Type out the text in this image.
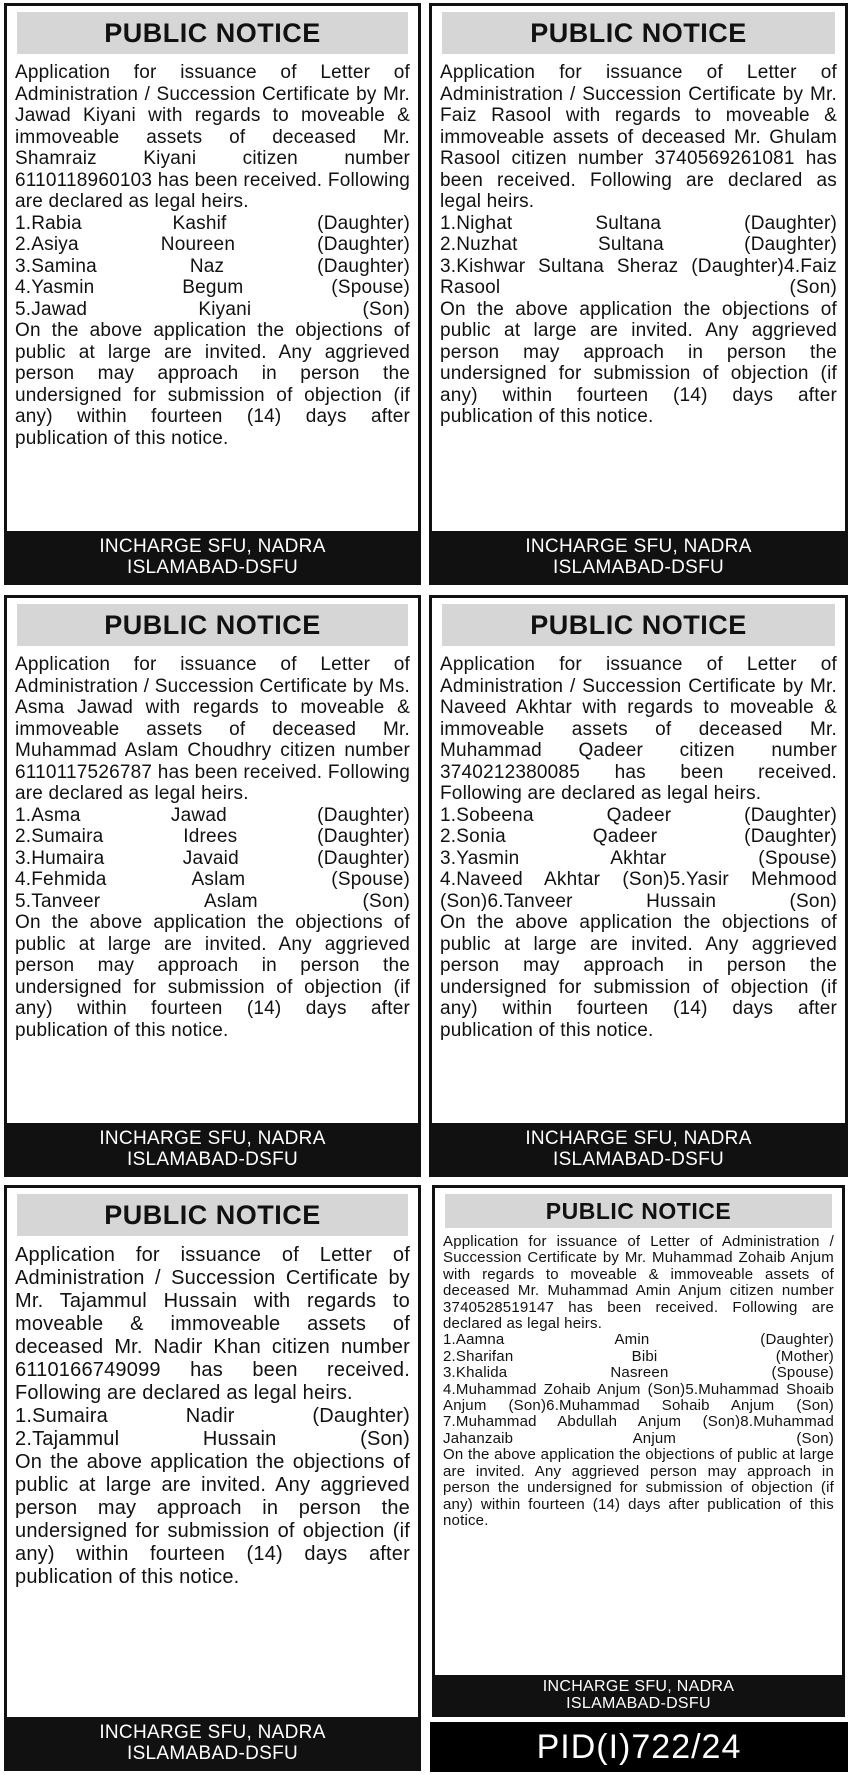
PUBLIC NOTICE

Application for issuance of Letter of Administration / Succession Certificate by Mr. Jawad Kiyani with regards to moveable & immoveable assets of deceased Mr. Shamraiz Kiyani citizen number 6110118960103 has been received. Following are declared as legal heirs.

1.Rabia Kashif (Daughter)
2.Asiya Noureen (Daughter)
3.Samina Naz (Daughter)
4.Yasmin Begum (Spouse)
5.Jawad Kiyani (Son)

On the above application the objections of public at large are invited. Any aggrieved person may approach in person the undersigned for submission of objection (if any) within fourteen (14) days after publication of this notice.

INCHARGE SFU, NADRA
ISLAMABAD-DSFU
PUBLIC NOTICE

Application for issuance of Letter of Administration / Succession Certificate by Mr. Faiz Rasool with regards to moveable & immoveable assets of deceased Mr. Ghulam Rasool citizen number 3740569261081 has been received. Following are declared as legal heirs.

1.Nighat Sultana (Daughter)
2.Nuzhat Sultana (Daughter)
3.Kishwar Sultana Sheraz (Daughter)4.Faiz Rasool (Son)

On the above application the objections of public at large are invited. Any aggrieved person may approach in person the undersigned for submission of objection (if any) within fourteen (14) days after publication of this notice.

INCHARGE SFU, NADRA
ISLAMABAD-DSFU
PUBLIC NOTICE

Application for issuance of Letter of Administration / Succession Certificate by Ms. Asma Jawad with regards to moveable & immoveable assets of deceased Mr. Muhammad Aslam Choudhry citizen number 6110117526787 has been received. Following are declared as legal heirs.

1.Asma Jawad (Daughter)
2.Sumaira Idrees (Daughter)
3.Humaira Javaid (Daughter)
4.Fehmida Aslam (Spouse)
5.Tanveer Aslam (Son)

On the above application the objections of public at large are invited. Any aggrieved person may approach in person the undersigned for submission of objection (if any) within fourteen (14) days after publication of this notice.

INCHARGE SFU, NADRA
ISLAMABAD-DSFU
PUBLIC NOTICE

Application for issuance of Letter of Administration / Succession Certificate by Mr. Naveed Akhtar with regards to moveable & immoveable assets of deceased Mr. Muhammad Qadeer citizen number 3740212380085 has been received. Following are declared as legal heirs.

1.Sobeena Qadeer (Daughter)
2.Sonia Qadeer (Daughter)
3.Yasmin Akhtar (Spouse)
4.Naveed Akhtar (Son)5.Yasir Mehmood (Son)6.Tanveer Hussain (Son)

On the above application the objections of public at large are invited. Any aggrieved person may approach in person the undersigned for submission of objection (if any) within fourteen (14) days after publication of this notice.

INCHARGE SFU, NADRA
ISLAMABAD-DSFU
PUBLIC NOTICE

Application for issuance of Letter of Administration / Succession Certificate by Mr. Tajammul Hussain with regards to moveable & immoveable assets of deceased Mr. Nadir Khan citizen number 6110166749099 has been received. Following are declared as legal heirs.

1.Sumaira Nadir (Daughter)
2.Tajammul Hussain (Son)

On the above application the objections of public at large are invited. Any aggrieved person may approach in person the undersigned for submission of objection (if any) within fourteen (14) days after publication of this notice.

INCHARGE SFU, NADRA
ISLAMABAD-DSFU
PUBLIC NOTICE

Application for issuance of Letter of Administration / Succession Certificate by Mr. Muhammad Zohaib Anjum with regards to moveable & immoveable assets of deceased Mr. Muhammad Amin Anjum citizen number 3740528519147 has been received. Following are declared as legal heirs.

1.Aamna Amin (Daughter)
2.Sharifan Bibi (Mother)
3.Khalida Nasreen (Spouse)
4.Muhammad Zohaib Anjum (Son)5.Muhammad Shoaib Anjum (Son)6.Muhammad Sohaib Anjum (Son)
7.Muhammad Abdullah Anjum (Son)8.Muhammad Jahanzaib Anjum (Son)

On the above application the objections of public at large are invited. Any aggrieved person may approach in person the undersigned for submission of objection (if any) within fourteen (14) days after publication of this notice.

INCHARGE SFU, NADRA
ISLAMABAD-DSFU
PID(I)722/24
